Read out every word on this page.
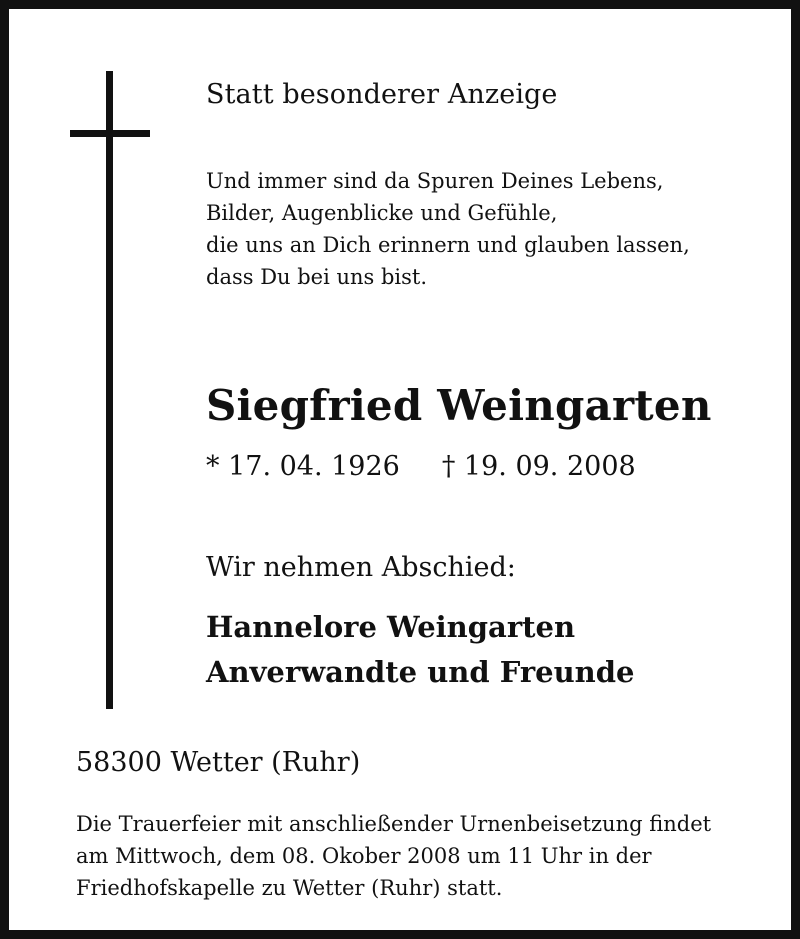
Statt besonderer Anzeige
Und immer sind da Spuren Deines Lebens,
Bilder, Augenblicke und Gefühle,
die uns an Dich erinnern und glauben lassen,
dass Du bei uns bist.
Siegfried Weingarten
* 17. 04. 1926 † 19. 09. 2008
Wir nehmen Abschied:
Hannelore Weingarten
Anverwandte und Freunde
58300 Wetter (Ruhr)
Die Trauerfeier mit anschließender Urnenbeisetzung findet
am Mittwoch, dem 08. Okober 2008 um 11 Uhr in der
Friedhofskapelle zu Wetter (Ruhr) statt.
